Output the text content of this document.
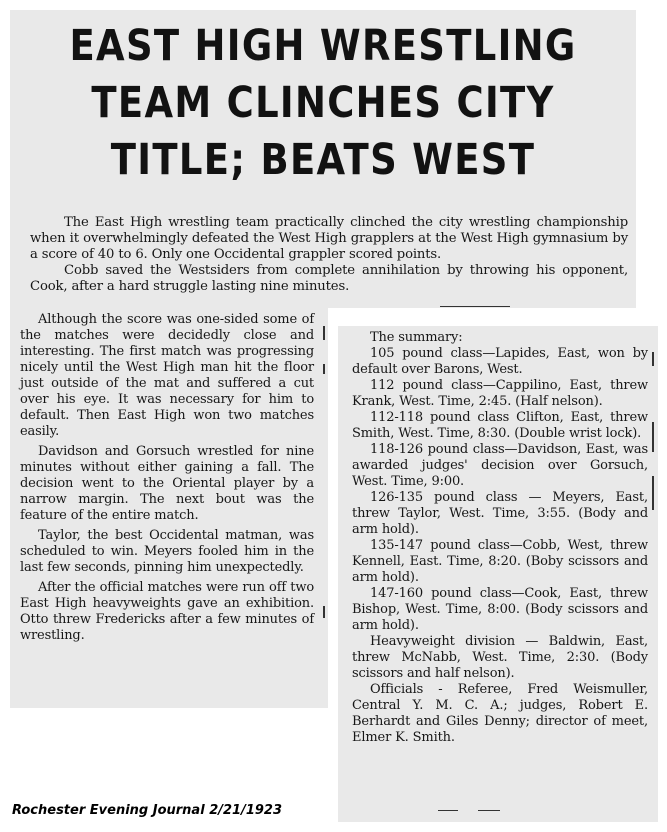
EAST HIGH WRESTLING
TEAM CLINCHES CITY
TITLE; BEATS WEST

The East High wrestling team practically clinched the city wrestling championship when it overwhelmingly defeated the West High grapplers at the West High gymnasium by a score of 40 to 6. Only one Occidental grappler scored points.

Cobb saved the Westsiders from complete annihilation by throwing his opponent, Cook, after a hard struggle lasting nine minutes.

Although the score was one-sided some of the matches were decidedly close and interesting. The first match was progressing nicely until the West High man hit the floor just outside of the mat and suffered a cut over his eye. It was necessary for him to default. Then East High won two matches easily.

Davidson and Gorsuch wrestled for nine minutes without either gaining a fall. The decision went to the Oriental player by a narrow margin. The next bout was the feature of the entire match.

Taylor, the best Occidental matman, was scheduled to win. Meyers fooled him in the last few seconds, pinning him unexpectedly.

After the official matches were run off two East High heavyweights gave an exhibition. Otto threw Fredericks after a few minutes of wrestling.

The summary:

105 pound class—Lapides, East, won by default over Barons, West.

112 pound class—Cappilino, East, threw Krank, West. Time, 2:45. (Half nelson).

112-118 pound class Clifton, East, threw Smith, West. Time, 8:30. (Double wrist lock).

118-126 pound class—Davidson, East, was awarded judges' decision over Gorsuch, West. Time, 9:00.

126-135 pound class — Meyers, East, threw Taylor, West. Time, 3:55. (Body and arm hold).

135-147 pound class—Cobb, West, threw Kennell, East. Time, 8:20. (Boby scissors and arm hold).

147-160 pound class—Cook, East, threw Bishop, West. Time, 8:00. (Body scissors and arm hold).

Heavyweight division — Baldwin, East, threw McNabb, West. Time, 2:30. (Body scissors and half nelson).

Officials - Referee, Fred Weismuller, Central Y. M. C. A.; judges, Robert E. Berhardt and Giles Denny; director of meet, Elmer K. Smith.

Rochester Evening Journal 2/21/1923
